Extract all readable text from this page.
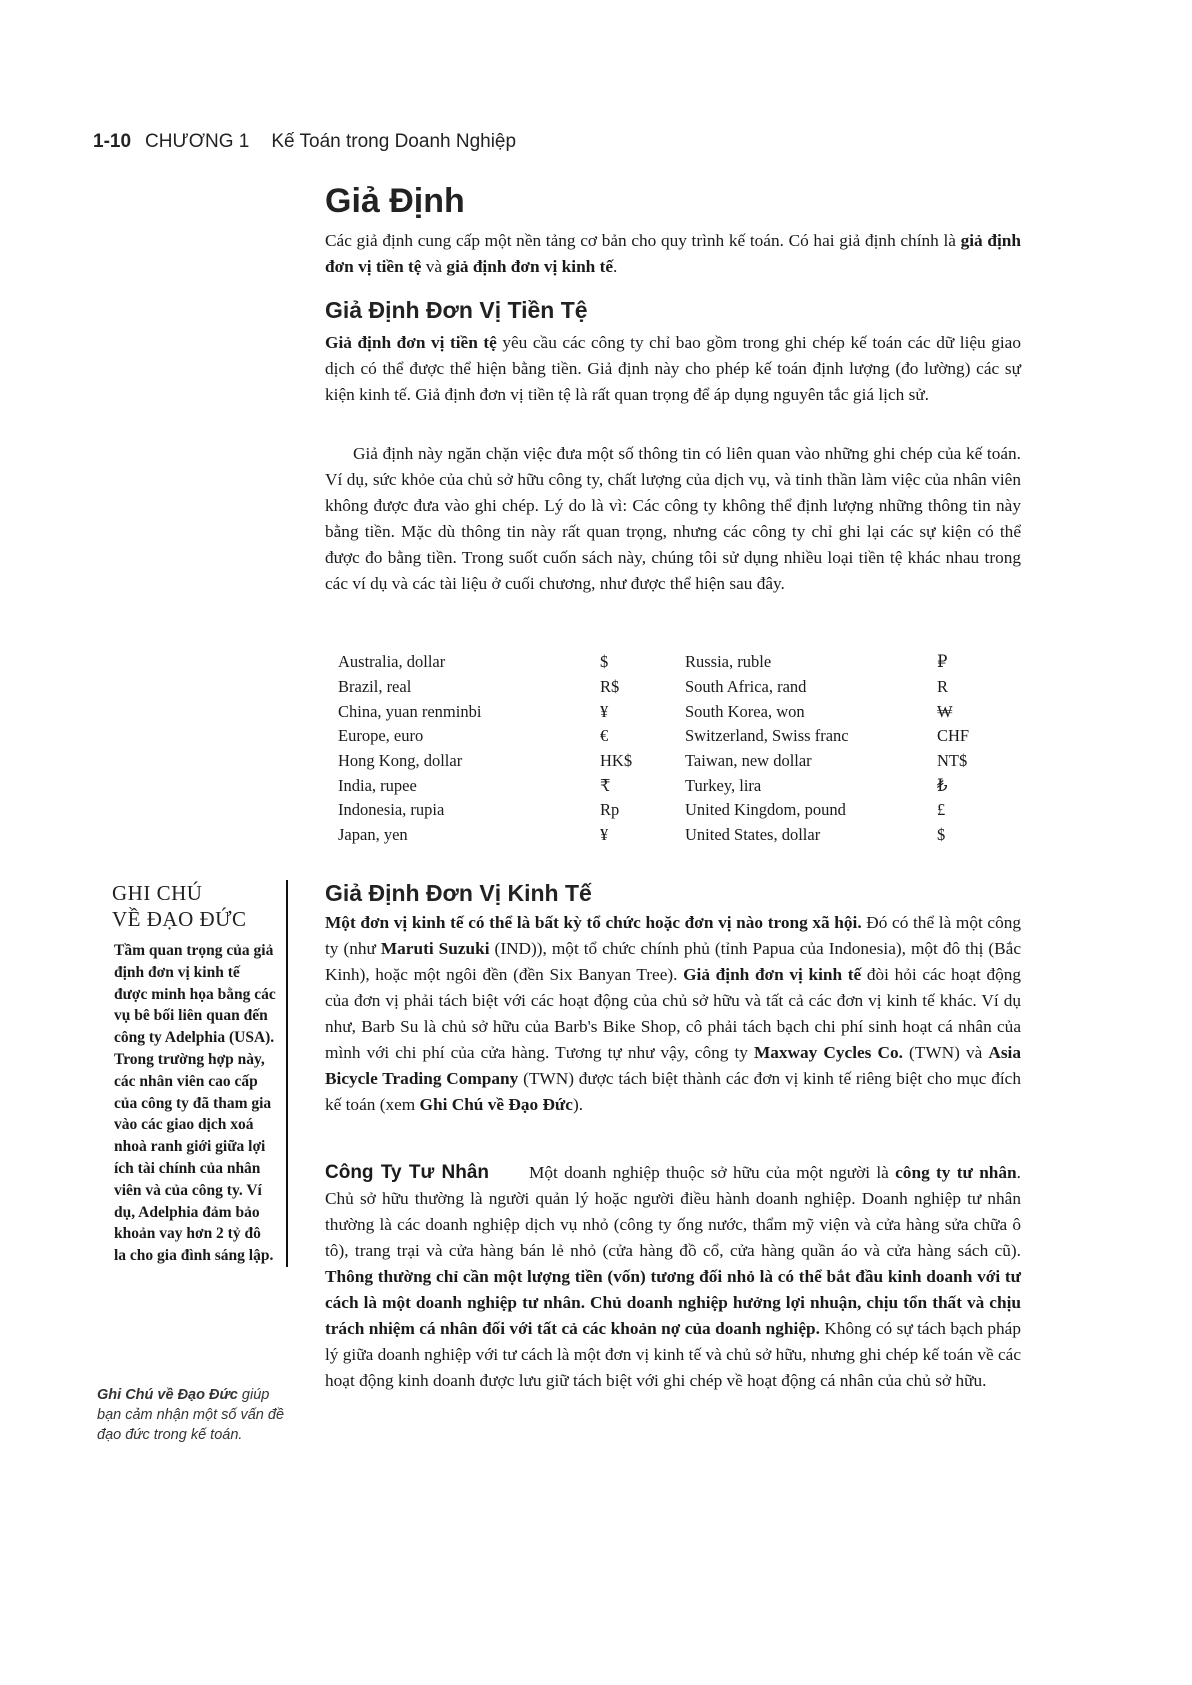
1-10 CHƯƠNG 1 Kế Toán trong Doanh Nghiệp
Giả Định

Các giả định cung cấp một nền tảng cơ bản cho quy trình kế toán. Có hai giả định chính là giả định đơn vị tiền tệ và giả định đơn vị kinh tế.

Giả Định Đơn Vị Tiền Tệ

Giả định đơn vị tiền tệ yêu cầu các công ty chỉ bao gồm trong ghi chép kế toán các dữ liệu giao dịch có thể được thể hiện bằng tiền. Giả định này cho phép kế toán định lượng (đo lường) các sự kiện kinh tế. Giả định đơn vị tiền tệ là rất quan trọng để áp dụng nguyên tắc giá lịch sử.

Giả định này ngăn chặn việc đưa một số thông tin có liên quan vào những ghi chép của kế toán. Ví dụ, sức khỏe của chủ sở hữu công ty, chất lượng của dịch vụ, và tinh thần làm việc của nhân viên không được đưa vào ghi chép. Lý do là vì: Các công ty không thể định lượng những thông tin này bằng tiền. Mặc dù thông tin này rất quan trọng, nhưng các công ty chỉ ghi lại các sự kiện có thể được đo bằng tiền. Trong suốt cuốn sách này, chúng tôi sử dụng nhiều loại tiền tệ khác nhau trong các ví dụ và các tài liệu ở cuối chương, như được thể hiện sau đây.

Australia, dollar	$	Russia, ruble	₽
Brazil, real	R$	South Africa, rand	R
China, yuan renminbi	¥	South Korea, won	₩
Europe, euro	€	Switzerland, Swiss franc	CHF
Hong Kong, dollar	HK$	Taiwan, new dollar	NT$
India, rupee	₹	Turkey, lira	₺
Indonesia, rupia	Rp	United Kingdom, pound	£
Japan, yen	¥	United States, dollar	$
Giả Định Đơn Vị Kinh Tế

Một đơn vị kinh tế có thể là bất kỳ tổ chức hoặc đơn vị nào trong xã hội. Đó có thể là một công ty (như Maruti Suzuki (IND)), một tổ chức chính phủ (tỉnh Papua của Indonesia), một đô thị (Bắc Kinh), hoặc một ngôi đền (đền Six Banyan Tree). Giả định đơn vị kinh tế đòi hỏi các hoạt động của đơn vị phải tách biệt với các hoạt động của chủ sở hữu và tất cả các đơn vị kinh tế khác. Ví dụ như, Barb Su là chủ sở hữu của Barb's Bike Shop, cô phải tách bạch chi phí sinh hoạt cá nhân của mình với chi phí của cửa hàng. Tương tự như vậy, công ty Maxway Cycles Co. (TWN) và Asia Bicycle Trading Company (TWN) được tách biệt thành các đơn vị kinh tế riêng biệt cho mục đích kế toán (xem Ghi Chú về Đạo Đức).

Công Ty Tư Nhân Một doanh nghiệp thuộc sở hữu của một người là công ty tư nhân. Chủ sở hữu thường là người quản lý hoặc người điều hành doanh nghiệp. Doanh nghiệp tư nhân thường là các doanh nghiệp dịch vụ nhỏ (công ty ống nước, thẩm mỹ viện và cửa hàng sửa chữa ô tô), trang trại và cửa hàng bán lẻ nhỏ (cửa hàng đồ cổ, cửa hàng quần áo và cửa hàng sách cũ). Thông thường chỉ cần một lượng tiền (vốn) tương đối nhỏ là có thể bắt đầu kinh doanh với tư cách là một doanh nghiệp tư nhân. Chủ doanh nghiệp hưởng lợi nhuận, chịu tổn thất và chịu trách nhiệm cá nhân đối với tất cả các khoản nợ của doanh nghiệp. Không có sự tách bạch pháp lý giữa doanh nghiệp với tư cách là một đơn vị kinh tế và chủ sở hữu, nhưng ghi chép kế toán về các hoạt động kinh doanh được lưu giữ tách biệt với ghi chép về hoạt động cá nhân của chủ sở hữu.

GHI CHÚ
VỀ ĐẠO ĐỨC
Tầm quan trọng của giả định đơn vị kinh tế được minh họa bằng các vụ bê bối liên quan đến công ty Adelphia (USA). Trong trường hợp này, các nhân viên cao cấp của công ty đã tham gia vào các giao dịch xoá nhoà ranh giới giữa lợi ích tài chính của nhân viên và của công ty. Ví dụ, Adelphia đảm bảo khoản vay hơn 2 tỷ đô la cho gia đình sáng lập.
Ghi Chú về Đạo Đức giúp bạn cảm nhận một số vấn đề đạo đức trong kế toán.
